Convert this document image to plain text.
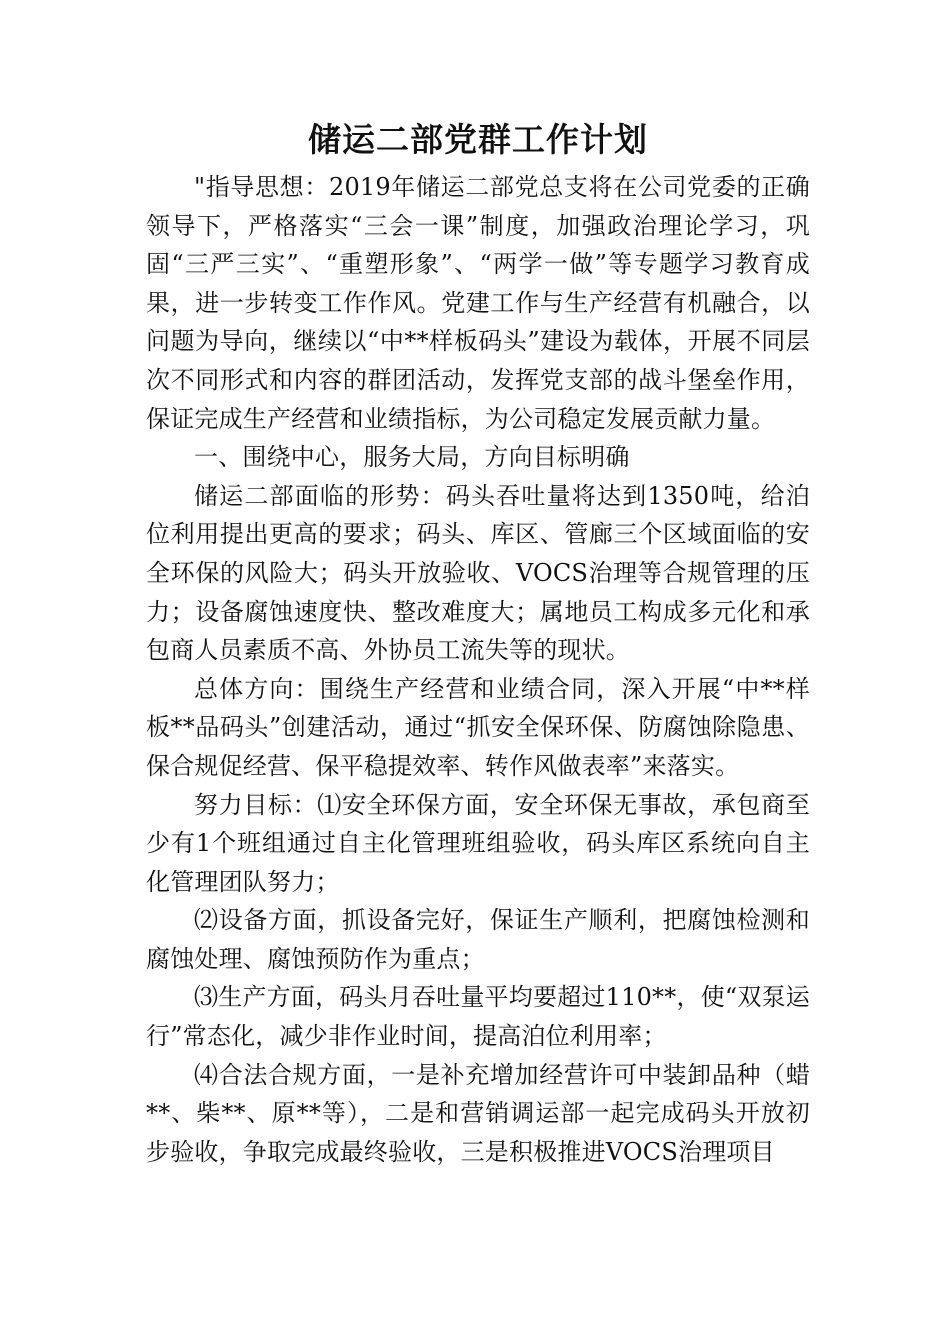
储运二部党群工作计划

"指导思想：2019年储运二部党总支将在公司党委的正确领导下，严格落实“三会一课”制度，加强政治理论学习，巩固“三严三实”、“重塑形象”、“两学一做”等专题学习教育成果，进一步转变工作作风。党建工作与生产经营有机融合，以问题为导向，继续以“中**样板码头”建设为载体，开展不同层次不同形式和内容的群团活动，发挥党支部的战斗堡垒作用，保证完成生产经营和业绩指标，为公司稳定发展贡献力量。

一、围绕中心，服务大局，方向目标明确

储运二部面临的形势：码头吞吐量将达到1350吨，给泊位利用提出更高的要求；码头、库区、管廊三个区域面临的安全环保的风险大；码头开放验收、VOCS治理等合规管理的压力；设备腐蚀速度快、整改难度大；属地员工构成多元化和承包商人员素质不高、外协员工流失等的现状。

总体方向：围绕生产经营和业绩合同，深入开展“中**样板**品码头”创建活动，通过“抓安全保环保、防腐蚀除隐患、保合规促经营、保平稳提效率、转作风做表率”来落实。

努力目标：⑴安全环保方面，安全环保无事故，承包商至少有1个班组通过自主化管理班组验收，码头库区系统向自主化管理团队努力；

⑵设备方面，抓设备完好，保证生产顺利，把腐蚀检测和腐蚀处理、腐蚀预防作为重点；

⑶生产方面，码头月吞吐量平均要超过110**，使“双泵运行”常态化，减少非作业时间，提高泊位利用率；

⑷合法合规方面，一是补充增加经营许可中装卸品种（蜡**、柴**、原**等），二是和营销调运部一起完成码头开放初步验收，争取完成最终验收，三是积极推进VOCS治理项目
